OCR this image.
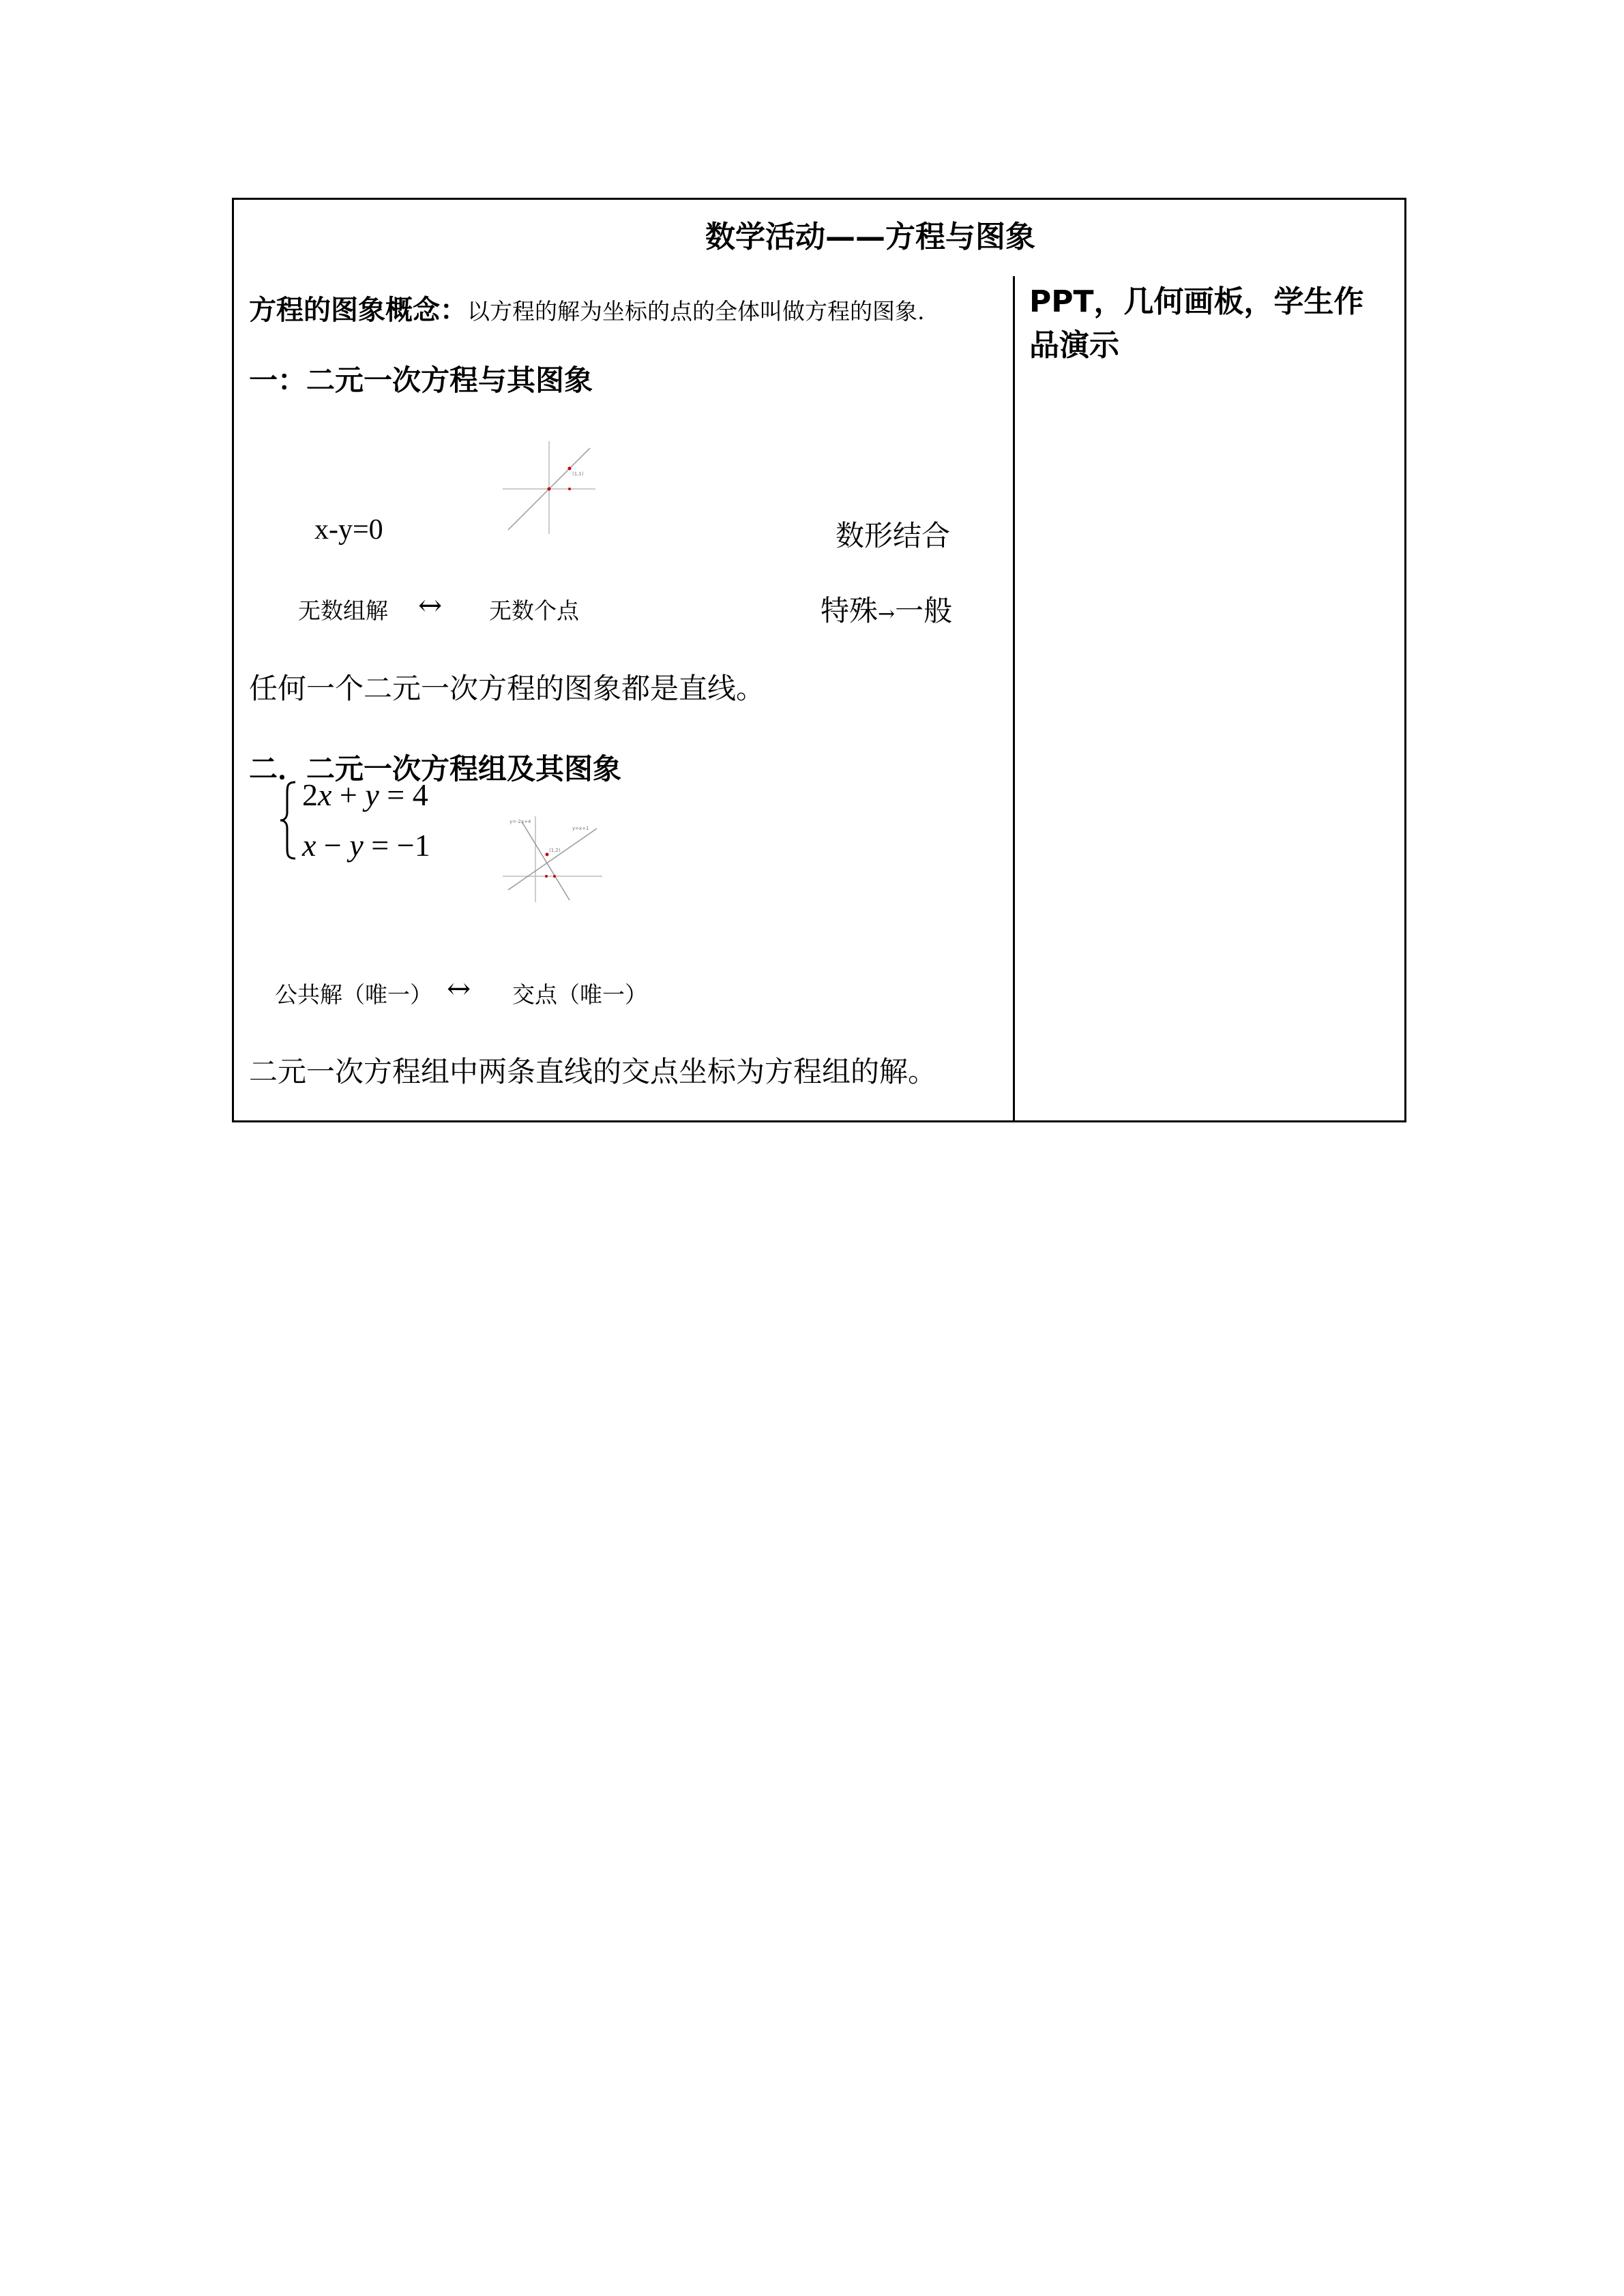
数学活动——方程与图象
方程的图象概念：以方程的解为坐标的点的全体叫做方程的图象.
一：二元一次方程与其图象
(1,1)
x-y=0	数形结合
无数组解 ↔ 无数个点	特殊→一般
任何一个二元一次方程的图象都是直线。
二．二元一次方程组及其图象
2x + y = 4
x − y = −1
y=-2x+4
y=x+1
(1,2)
公共解（唯一） ↔ 交点（唯一）
二元一次方程组中两条直线的交点坐标为方程组的解。
PPT，几何画板，学生作品演示
